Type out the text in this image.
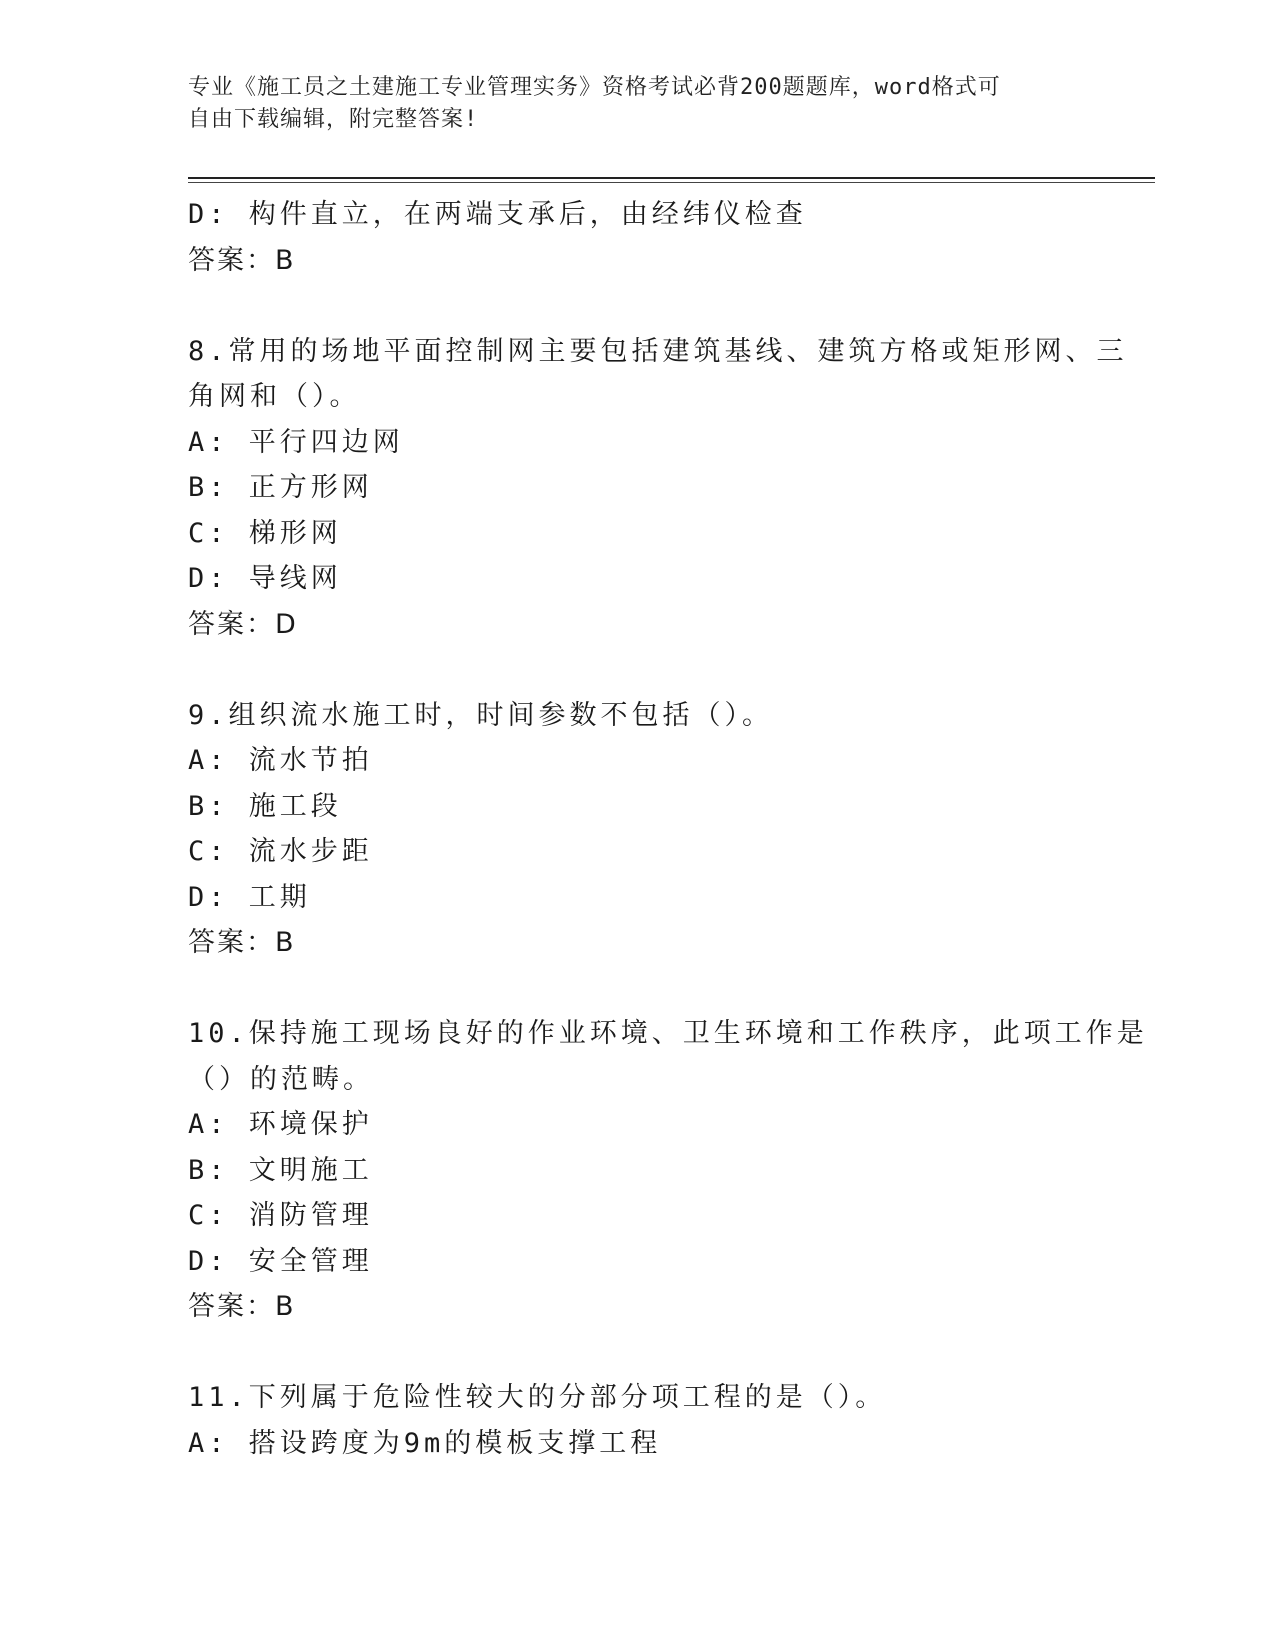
专业《施工员之土建施工专业管理实务》资格考试必背200题题库，word格式可
自由下载编辑，附完整答案!
D: 构件直立，在两端支承后，由经纬仪检查
答案：B
8.常用的场地平面控制网主要包括建筑基线、建筑方格或矩形网、三
角网和（）。
A: 平行四边网
B: 正方形网
C: 梯形网
D: 导线网
答案：D
9.组织流水施工时，时间参数不包括（）。
A: 流水节拍
B: 施工段
C: 流水步距
D: 工期
答案：B
10.保持施工现场良好的作业环境、卫生环境和工作秩序，此项工作是
（）的范畴。
A: 环境保护
B: 文明施工
C: 消防管理
D: 安全管理
答案：B
11.下列属于危险性较大的分部分项工程的是（）。
A: 搭设跨度为9m的模板支撑工程
